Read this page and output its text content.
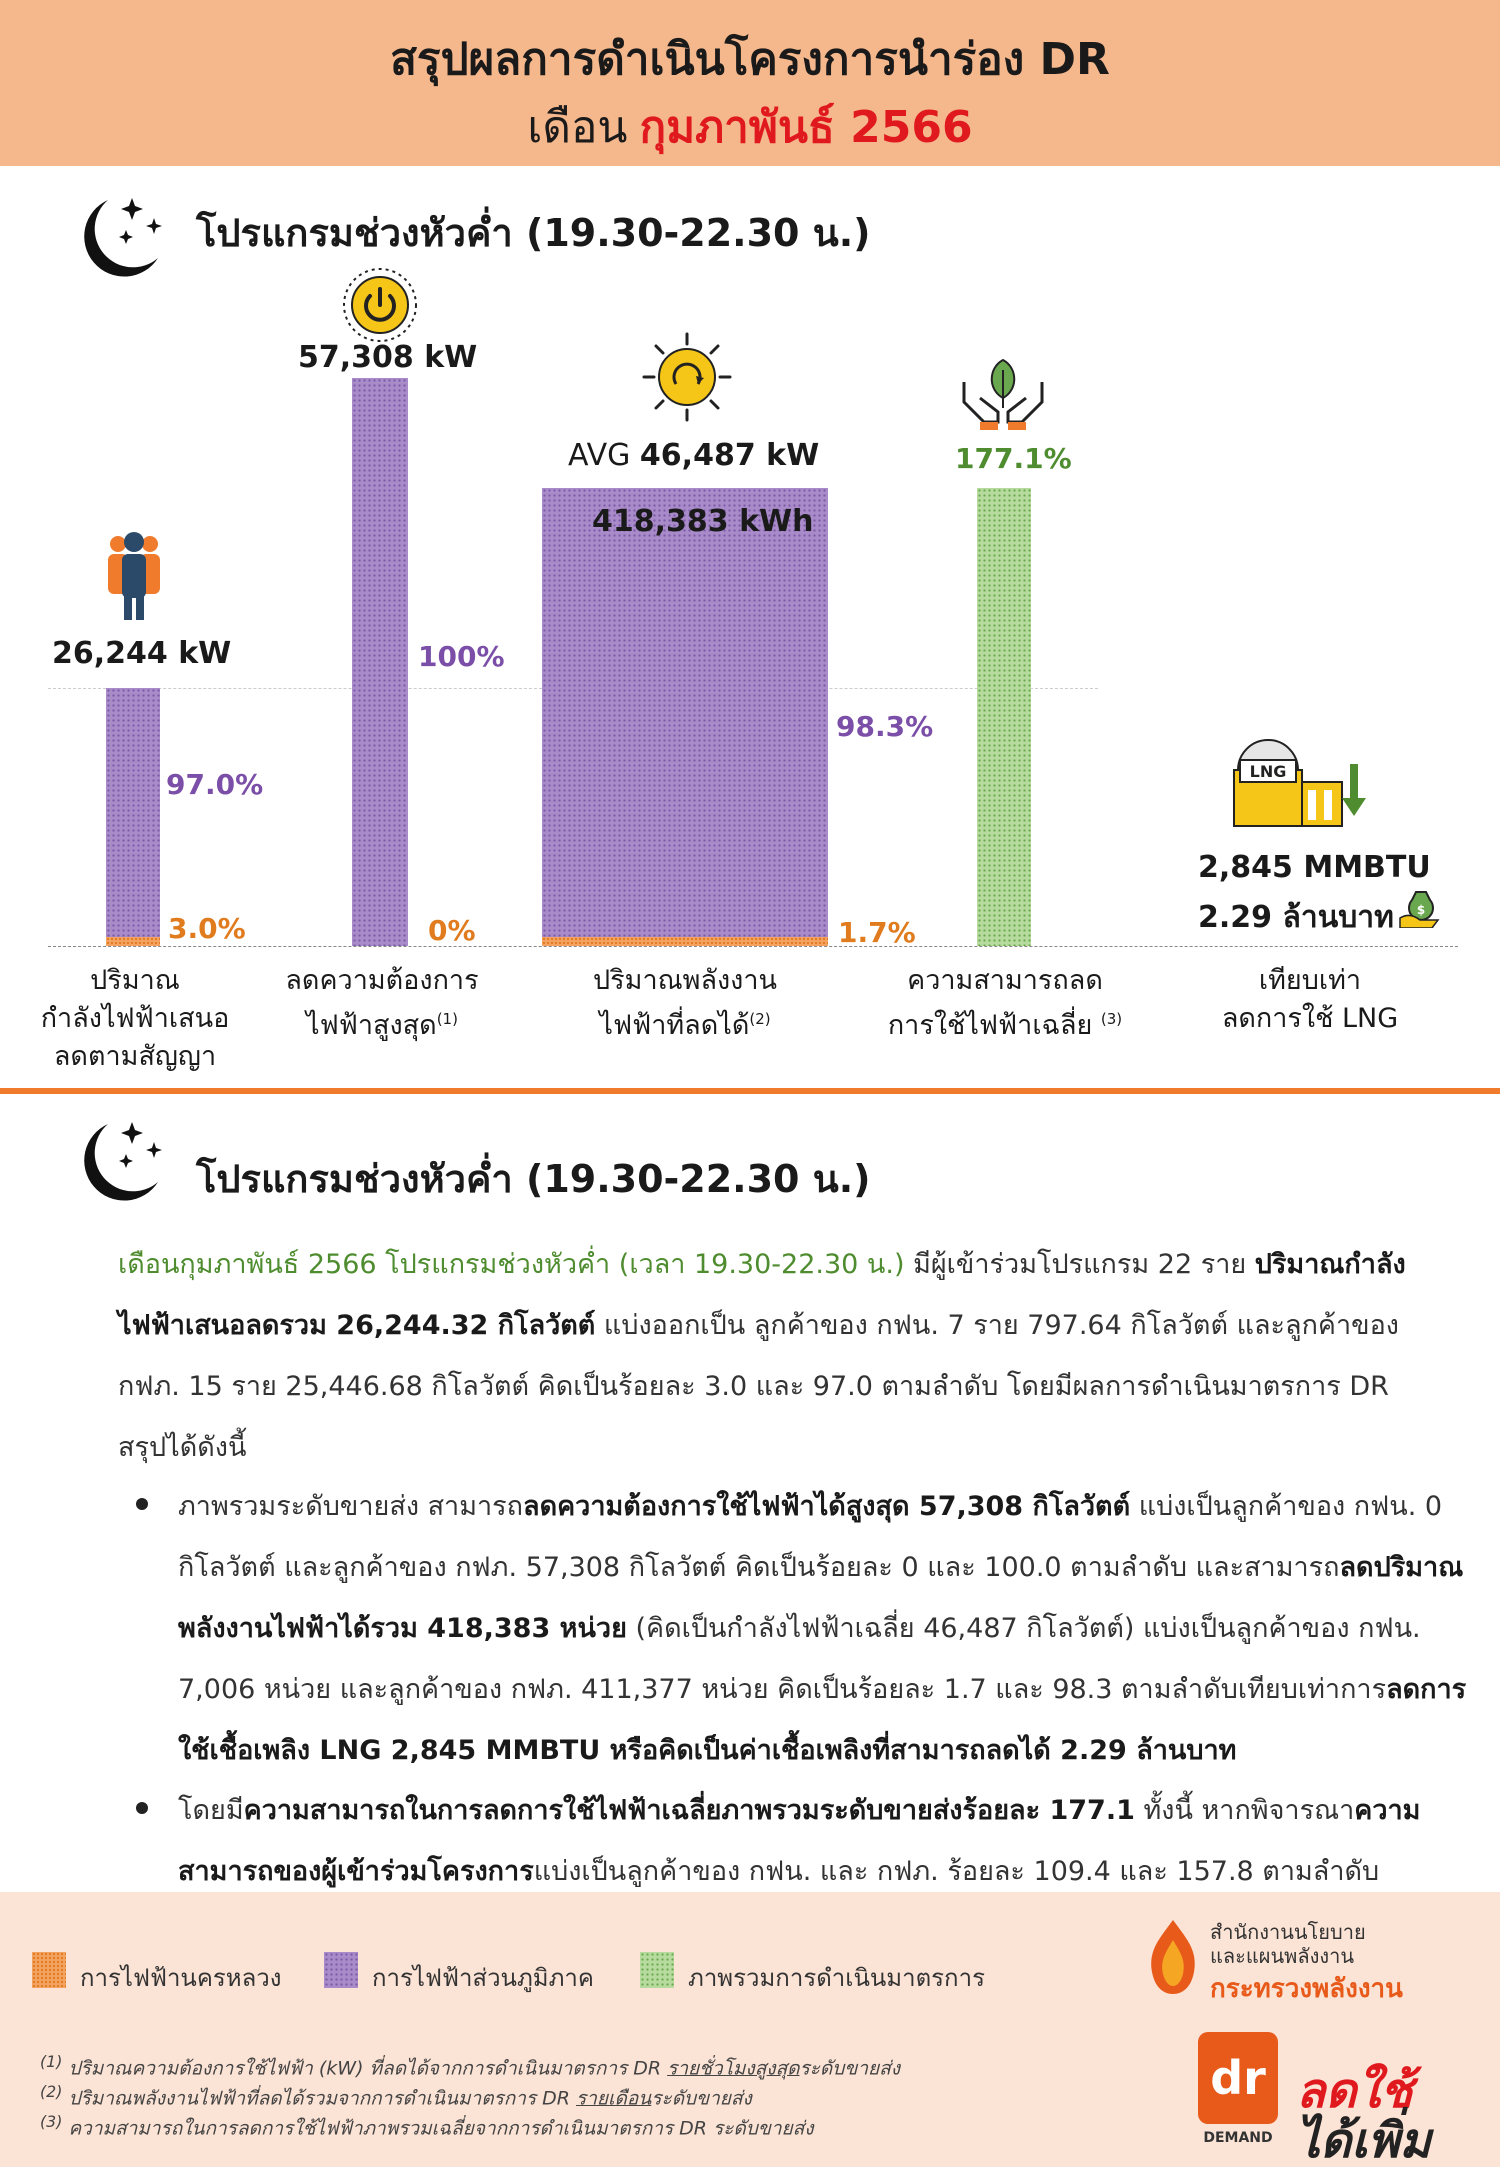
สรุปผลการดำเนินโครงการนำร่อง DR
เดือน กุมภาพันธ์ 2566
โปรแกรมช่วงหัวค่ำ (19.30-22.30 น.)
26,244 kW
97.0%
3.0%
57,308 kW
100%
0%
AVG 46,487 kW
418,383 kWh
98.3%
1.7%
177.1%
LNG
2,845 MMBTU
2.29 ล้านบาท $
ปริมาณ
กำลังไฟฟ้าเสนอ
ลดตามสัญญา
ลดความต้องการ
ไฟฟ้าสูงสุด$^{(1)}$
ปริมาณพลังงาน
ไฟฟ้าที่ลดได้$^{(2)}$
ความสามารถลด
การใช้ไฟฟ้าเฉลี่ย $^{(3)}$
เทียบเท่า
ลดการใช้ LNG
โปรแกรมช่วงหัวค่ำ (19.30-22.30 น.)
เดือนกุมภาพันธ์ 2566 โปรแกรมช่วงหัวค่ำ (เวลา 19.30-22.30 น.) มีผู้เข้าร่วมโปรแกรม 22 ราย ปริมาณกำลังไฟฟ้าเสนอลดรวม 26,244.32 กิโลวัตต์ แบ่งออกเป็น ลูกค้าของ กฟน. 7 ราย 797.64 กิโลวัตต์ และลูกค้าของ กฟภ. 15 ราย 25,446.68 กิโลวัตต์ คิดเป็นร้อยละ 3.0 และ 97.0 ตามลำดับ โดยมีผลการดำเนินมาตรการ DR สรุปได้ดังนี้
ภาพรวมระดับขายส่ง สามารถลดความต้องการใช้ไฟฟ้าได้สูงสุด 57,308 กิโลวัตต์ แบ่งเป็นลูกค้าของ กฟน. 0 กิโลวัตต์ และลูกค้าของ กฟภ. 57,308 กิโลวัตต์ คิดเป็นร้อยละ 0 และ 100.0 ตามลำดับ และสามารถลดปริมาณพลังงานไฟฟ้าได้รวม 418,383 หน่วย (คิดเป็นกำลังไฟฟ้าเฉลี่ย 46,487 กิโลวัตต์) แบ่งเป็นลูกค้าของ กฟน. 7,006 หน่วย และลูกค้าของ กฟภ. 411,377 หน่วย คิดเป็นร้อยละ 1.7 และ 98.3 ตามลำดับเทียบเท่าการลดการใช้เชื้อเพลิง LNG 2,845 MMBTU หรือคิดเป็นค่าเชื้อเพลิงที่สามารถลดได้ 2.29 ล้านบาท
โดยมีความสามารถในการลดการใช้ไฟฟ้าเฉลี่ยภาพรวมระดับขายส่งร้อยละ 177.1 ทั้งนี้ หากพิจารณาความสามารถของผู้เข้าร่วมโครงการแบ่งเป็นลูกค้าของ กฟน. และ กฟภ. ร้อยละ 109.4 และ 157.8 ตามลำดับ
การไฟฟ้านครหลวง	การไฟฟ้าส่วนภูมิภาค	ภาพรวมการดำเนินมาตรการ
$^{(1)}$ ปริมาณความต้องการใช้ไฟฟ้า (kW) ที่ลดได้จากการดำเนินมาตรการ DR รายชั่วโมงสูงสุดระดับขายส่ง
$^{(2)}$ ปริมาณพลังงานไฟฟ้าที่ลดได้รวมจากการดำเนินมาตรการ DR รายเดือนระดับขายส่ง
$^{(3)}$ ความสามารถในการลดการใช้ไฟฟ้าภาพรวมเฉลี่ยจากการดำเนินมาตรการ DR ระดับขายส่ง
สำนักงานนโยบาย
และแผนพลังงาน
กระทรวงพลังงาน
dr
DEMAND
ลดใช้
ได้เพิ่ม
